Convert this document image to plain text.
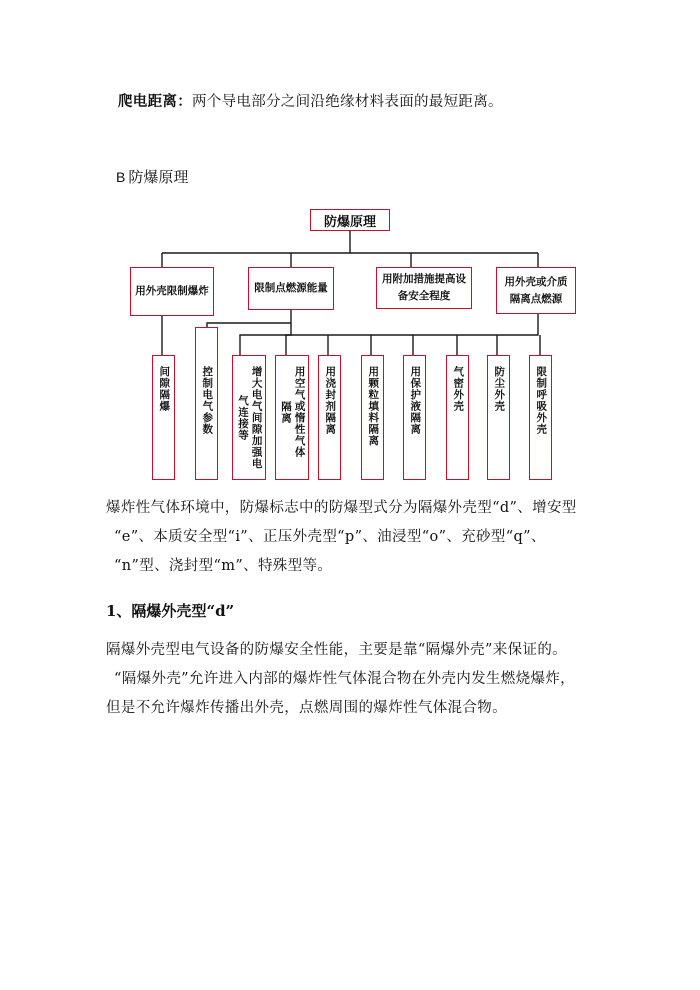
爬电距离：两个导电部分之间沿绝缘材料表面的最短距离。
B 防爆原理
防爆原理
用外壳限制爆炸	限制点燃源能量
用附加措施提高设备安全程度
用外壳或介质隔离点燃源
间隙隔爆	控制电气参数	增大电气间隙加强电气连接等	用空气或惰性气体隔离	用浇封剂隔离	用颗粒填料隔离	用保护液隔离	气密外壳	防尘外壳	限制呼吸外壳
爆炸性气体环境中，防爆标志中的防爆型式分为隔爆外壳型“d”、增安型
“e”、本质安全型“i”、正压外壳型“p”、油浸型“o”、充砂型“q”、
“n”型、浇封型“m”、特殊型等。
1、隔爆外壳型“d”
隔爆外壳型电气设备的防爆安全性能，主要是靠“隔爆外壳”来保证的。
“隔爆外壳”允许进入内部的爆炸性气体混合物在外壳内发生燃烧爆炸，
但是不允许爆炸传播出外壳，点燃周围的爆炸性气体混合物。
